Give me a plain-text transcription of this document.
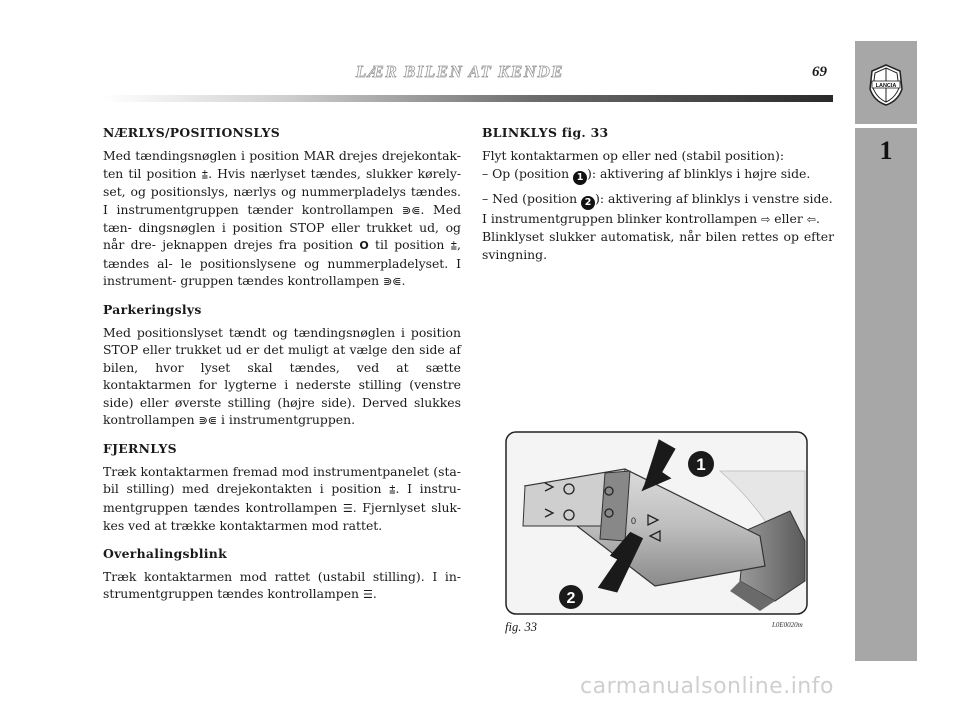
LÆR BILEN AT KENDE	69
LANCIA
1
NÆRLYS/POSITIONSLYS

Med tændingsnøglen i position MAR drejes drejekontak- ten til position ⩲. Hvis nærlyset tændes, slukker kørely- set, og positionslys, nærlys og nummerpladelys tændes. I instrumentgruppen tænder kontrollampen ⋑⋐. Med tæn- dingsnøglen i position STOP eller trukket ud, og når dre- jeknappen drejes fra position O til position ⩲, tændes al- le positionslysene og nummerpladelyset. I instrument- gruppen tændes kontrollampen ⋑⋐.

Parkeringslys

Med positionslyset tændt og tændingsnøglen i position STOP eller trukket ud er det muligt at vælge den side af bilen, hvor lyset skal tændes, ved at sætte kontaktarmen for lygterne i nederste stilling (venstre side) eller øverste stilling (højre side). Derved slukkes kontrollampen ⋑⋐ i instrumentgruppen.

FJERNLYS

Træk kontaktarmen fremad mod instrumentpanelet (sta-bil stilling) med drejekontakten i position ⩲. I instru-mentgruppen tændes kontrollampen ☰. Fjernlyset sluk-kes ved at trække kontaktarmen mod rattet.

Overhalingsblink

Træk kontaktarmen mod rattet (ustabil stilling). I in-strumentgruppen tændes kontrollampen ☰.

BLINKLYS fig. 33

Flyt kontaktarmen op eller ned (stabil position):

– Op (position 1 ): aktivering af blinklys i højre side.

– Ned (position 2 ): aktivering af blinklys i venstre side.

I instrumentgruppen blinker kontrollampen ⇨ eller ⇦.

Blinklyset slukker automatisk, når bilen rettes op efter svingning.

0
1
2
fig. 33	L0E0020m
carmanualsonline.info
